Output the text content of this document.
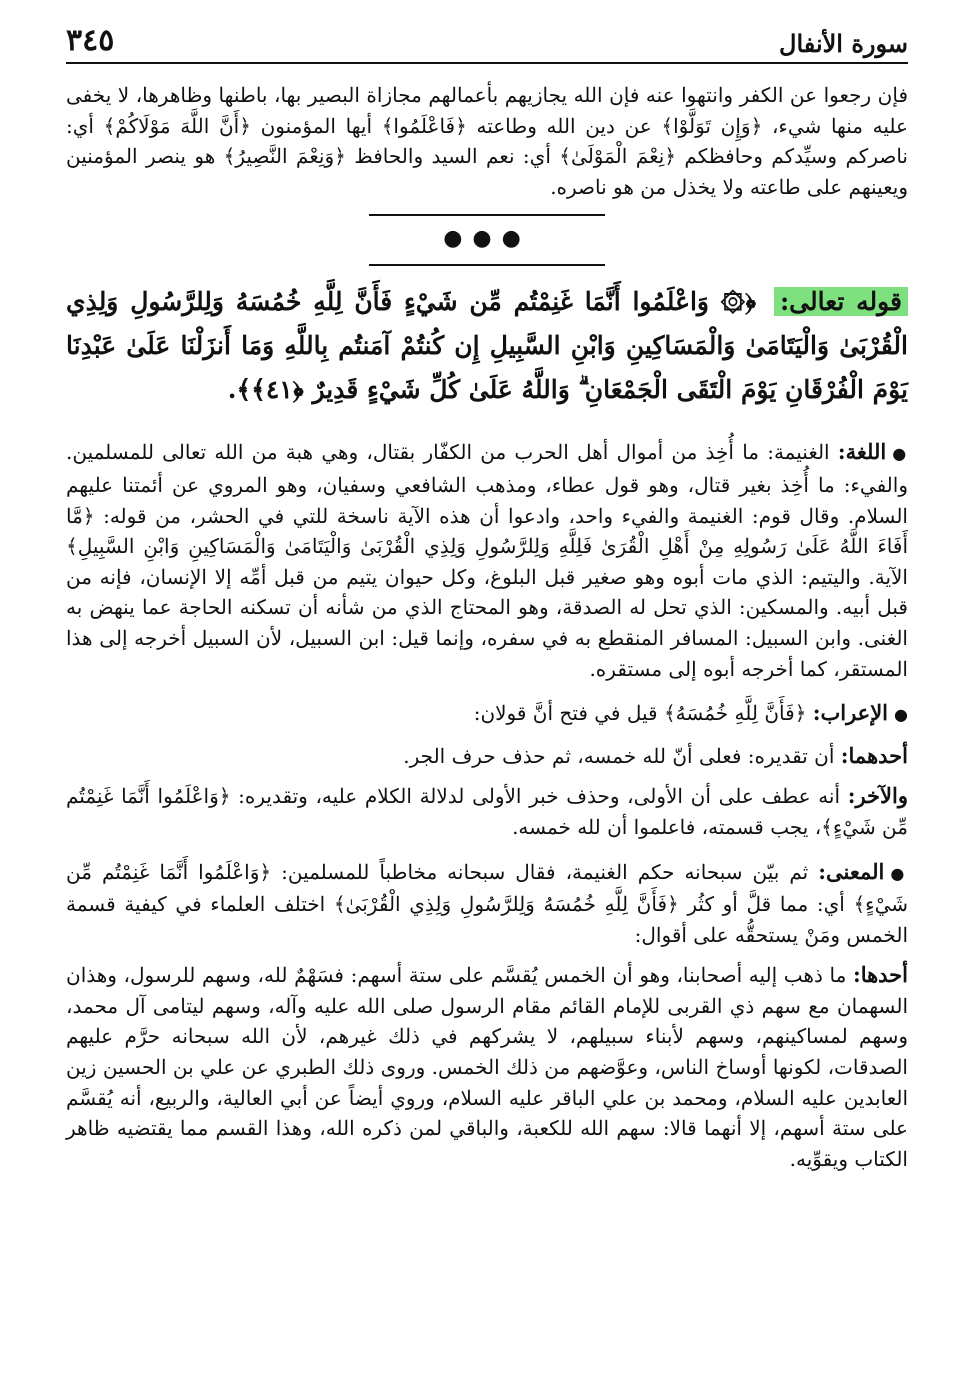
سورة الأنفال
٣٤٥

فإن رجعوا عن الكفر وانتهوا عنه فإن الله يجازيهم بأعمالهم مجازاة البصير بها، باطنها وظاهرها، لا يخفى عليه منها شيء، ﴿وَإِن تَوَلَّوْا﴾ عن دين الله وطاعته ﴿فَاعْلَمُوا﴾ أيها المؤمنون ﴿أَنَّ اللَّهَ مَوْلَاكُمْ﴾ أي: ناصركم وسيِّدكم وحافظكم ﴿نِعْمَ الْمَوْلَىٰ﴾ أي: نعم السيد والحافظ ﴿وَنِعْمَ النَّصِيرُ﴾ هو ينصر المؤمنين ويعينهم على طاعته ولا يخذل من هو ناصره.

●●●

قوله تعالى: ﴿۞ وَاعْلَمُوا أَنَّمَا غَنِمْتُم مِّن شَيْءٍ فَأَنَّ لِلَّهِ خُمُسَهُ وَلِلرَّسُولِ وَلِذِي الْقُرْبَىٰ وَالْيَتَامَىٰ وَالْمَسَاكِينِ وَابْنِ السَّبِيلِ إِن كُنتُمْ آمَنتُم بِاللَّهِ وَمَا أَنزَلْنَا عَلَىٰ عَبْدِنَا يَوْمَ الْفُرْقَانِ يَوْمَ الْتَقَى الْجَمْعَانِ ۗ وَاللَّهُ عَلَىٰ كُلِّ شَيْءٍ قَدِيرٌ ﴿٤١﴾﴾.

●اللغة: الغنيمة: ما أُخِذ من أموال أهل الحرب من الكفّار بقتال، وهي هبة من الله تعالى للمسلمين. والفيء: ما أُخِذ بغير قتال، وهو قول عطاء، ومذهب الشافعي وسفيان، وهو المروي عن أئمتنا عليهم السلام. وقال قوم: الغنيمة والفيء واحد، وادعوا أن هذه الآية ناسخة للتي في الحشر، من قوله: ﴿مَّا أَفَاءَ اللَّهُ عَلَىٰ رَسُولِهِ مِنْ أَهْلِ الْقُرَىٰ فَلِلَّهِ وَلِلرَّسُولِ وَلِذِي الْقُرْبَىٰ وَالْيَتَامَىٰ وَالْمَسَاكِينِ وَابْنِ السَّبِيلِ﴾ الآية. واليتيم: الذي مات أبوه وهو صغير قبل البلوغ، وكل حيوان يتيم من قبل أمِّه إلا الإنسان، فإنه من قبل أبيه. والمسكين: الذي تحل له الصدقة، وهو المحتاج الذي من شأنه أن تسكنه الحاجة عما ينهض به الغنى. وابن السبيل: المسافر المنقطع به في سفره، وإنما قيل: ابن السبيل، لأن السبيل أخرجه إلى هذا المستقر، كما أخرجه أبوه إلى مستقره.

●الإعراب: ﴿فَأَنَّ لِلَّهِ خُمُسَهُ﴾ قيل في فتح أنَّ قولان:

أحدهما: أن تقديره: فعلى أنّ لله خمسه، ثم حذف حرف الجر.

والآخر: أنه عطف على أن الأولى، وحذف خبر الأولى لدلالة الكلام عليه، وتقديره: ﴿وَاعْلَمُوا أَنَّمَا غَنِمْتُم مِّن شَيْءٍ﴾، يجب قسمته، فاعلموا أن لله خمسه.

●المعنى: ثم بيّن سبحانه حكم الغنيمة، فقال سبحانه مخاطباً للمسلمين: ﴿وَاعْلَمُوا أَنَّمَا غَنِمْتُم مِّن شَيْءٍ﴾ أي: مما قلَّ أو كثُر ﴿فَأَنَّ لِلَّهِ خُمُسَهُ وَلِلرَّسُولِ وَلِذِي الْقُرْبَىٰ﴾ اختلف العلماء في كيفية قسمة الخمس ومَنْ يستحقُّه على أقوال:

أحدها: ما ذهب إليه أصحابنا، وهو أن الخمس يُقسَّم على ستة أسهم: فسَهْمٌ لله، وسهم للرسول، وهذان السهمان مع سهم ذي القربى للإمام القائم مقام الرسول صلى الله عليه وآله، وسهم ليتامى آل محمد، وسهم لمساكينهم، وسهم لأبناء سبيلهم، لا يشركهم في ذلك غيرهم، لأن الله سبحانه حرَّم عليهم الصدقات، لكونها أوساخ الناس، وعوَّضهم من ذلك الخمس. وروى ذلك الطبري عن علي بن الحسين زين العابدين عليه السلام، ومحمد بن علي الباقر عليه السلام، وروي أيضاً عن أبي العالية، والربيع، أنه يُقسَّم على ستة أسهم، إلا أنهما قالا: سهم الله للكعبة، والباقي لمن ذكره الله، وهذا القسم مما يقتضيه ظاهر الكتاب ويقوِّيه.
